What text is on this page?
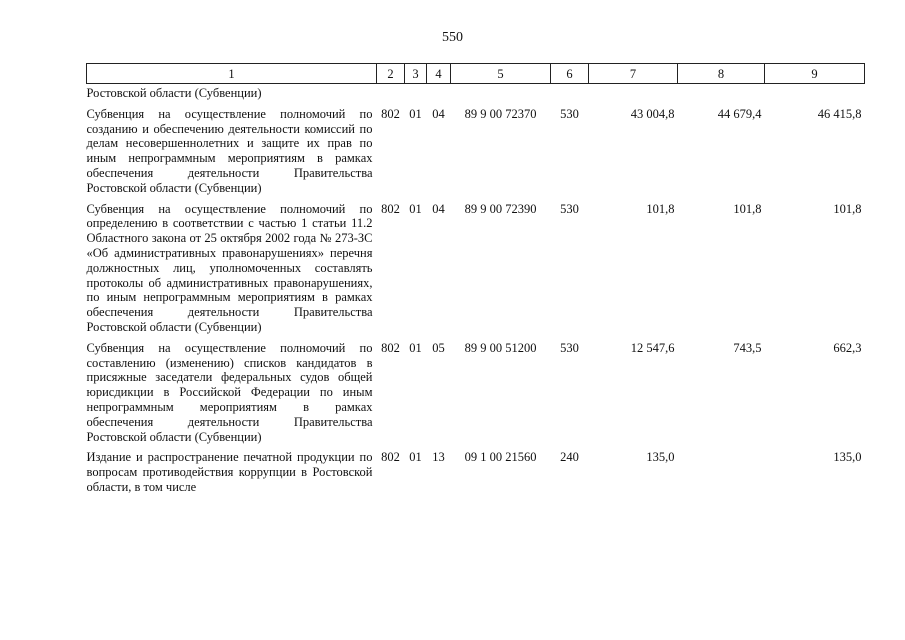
550
1	2	3	4	5	6	7	8	9
Ростовской области (Субвенции)								
Субвенция на осуществление полномочий по созданию и обеспечению деятельности комиссий по делам несовершеннолетних и защите их прав по иным непрограммным мероприятиям в рамках обеспечения деятельности Правительства Ростовской области (Субвенции)	802	01	04	89 9 00 72370	530	43 004,8	44 679,4	46 415,8
Субвенция на осуществление полномочий по определению в соответствии с частью 1 статьи 11.2 Областного закона от 25 октября 2002 года № 273-ЗС «Об административных правонарушениях» перечня должностных лиц, уполномоченных составлять протоколы об административных правонарушениях, по иным непрограммным мероприятиям в рамках обеспечения деятельности Правительства Ростовской области (Субвенции)	802	01	04	89 9 00 72390	530	101,8	101,8	101,8
Субвенция на осуществление полномочий по составлению (изменению) списков кандидатов в присяжные заседатели федеральных судов общей юрисдикции в Российской Федерации по иным непрограммным мероприятиям в рамках обеспечения деятельности Правительства Ростовской области (Субвенции)	802	01	05	89 9 00 51200	530	12 547,6	743,5	662,3
Издание и распространение печатной продукции по вопросам противодействия коррупции в Ростовской области, в том числе	802	01	13	09 1 00 21560	240	135,0		135,0
